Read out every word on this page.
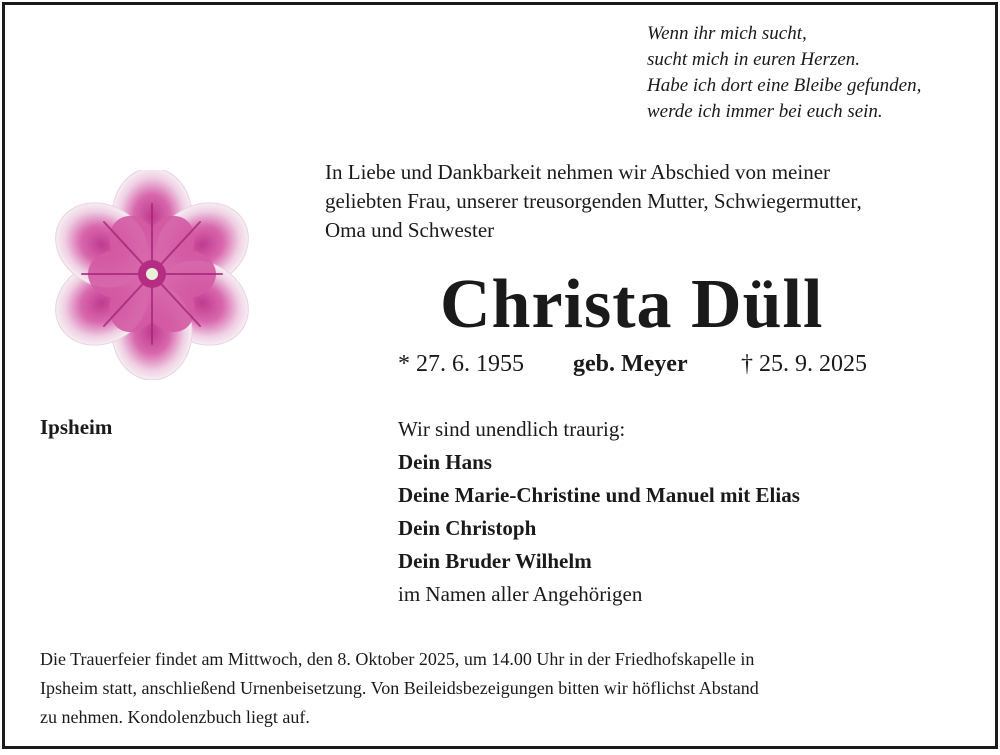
Wenn ihr mich sucht,
sucht mich in euren Herzen.
Habe ich dort eine Bleibe gefunden,
werde ich immer bei euch sein.
In Liebe und Dankbarkeit nehmen wir Abschied von meiner
geliebten Frau, unserer treusorgenden Mutter, Schwiegermutter,
Oma und Schwester
Christa Düll
* 27. 6. 1955 geb. Meyer † 25. 9. 2025
Ipsheim	Wir sind unendlich traurig:
Dein Hans
Deine Marie-Christine und Manuel mit Elias
Dein Christoph
Dein Bruder Wilhelm
im Namen aller Angehörigen
Die Trauerfeier findet am Mittwoch, den 8. Oktober 2025, um 14.00 Uhr in der Friedhofskapelle in
Ipsheim statt, anschließend Urnenbeisetzung. Von Beileidsbezeigungen bitten wir höflichst Abstand
zu nehmen. Kondolenzbuch liegt auf.
